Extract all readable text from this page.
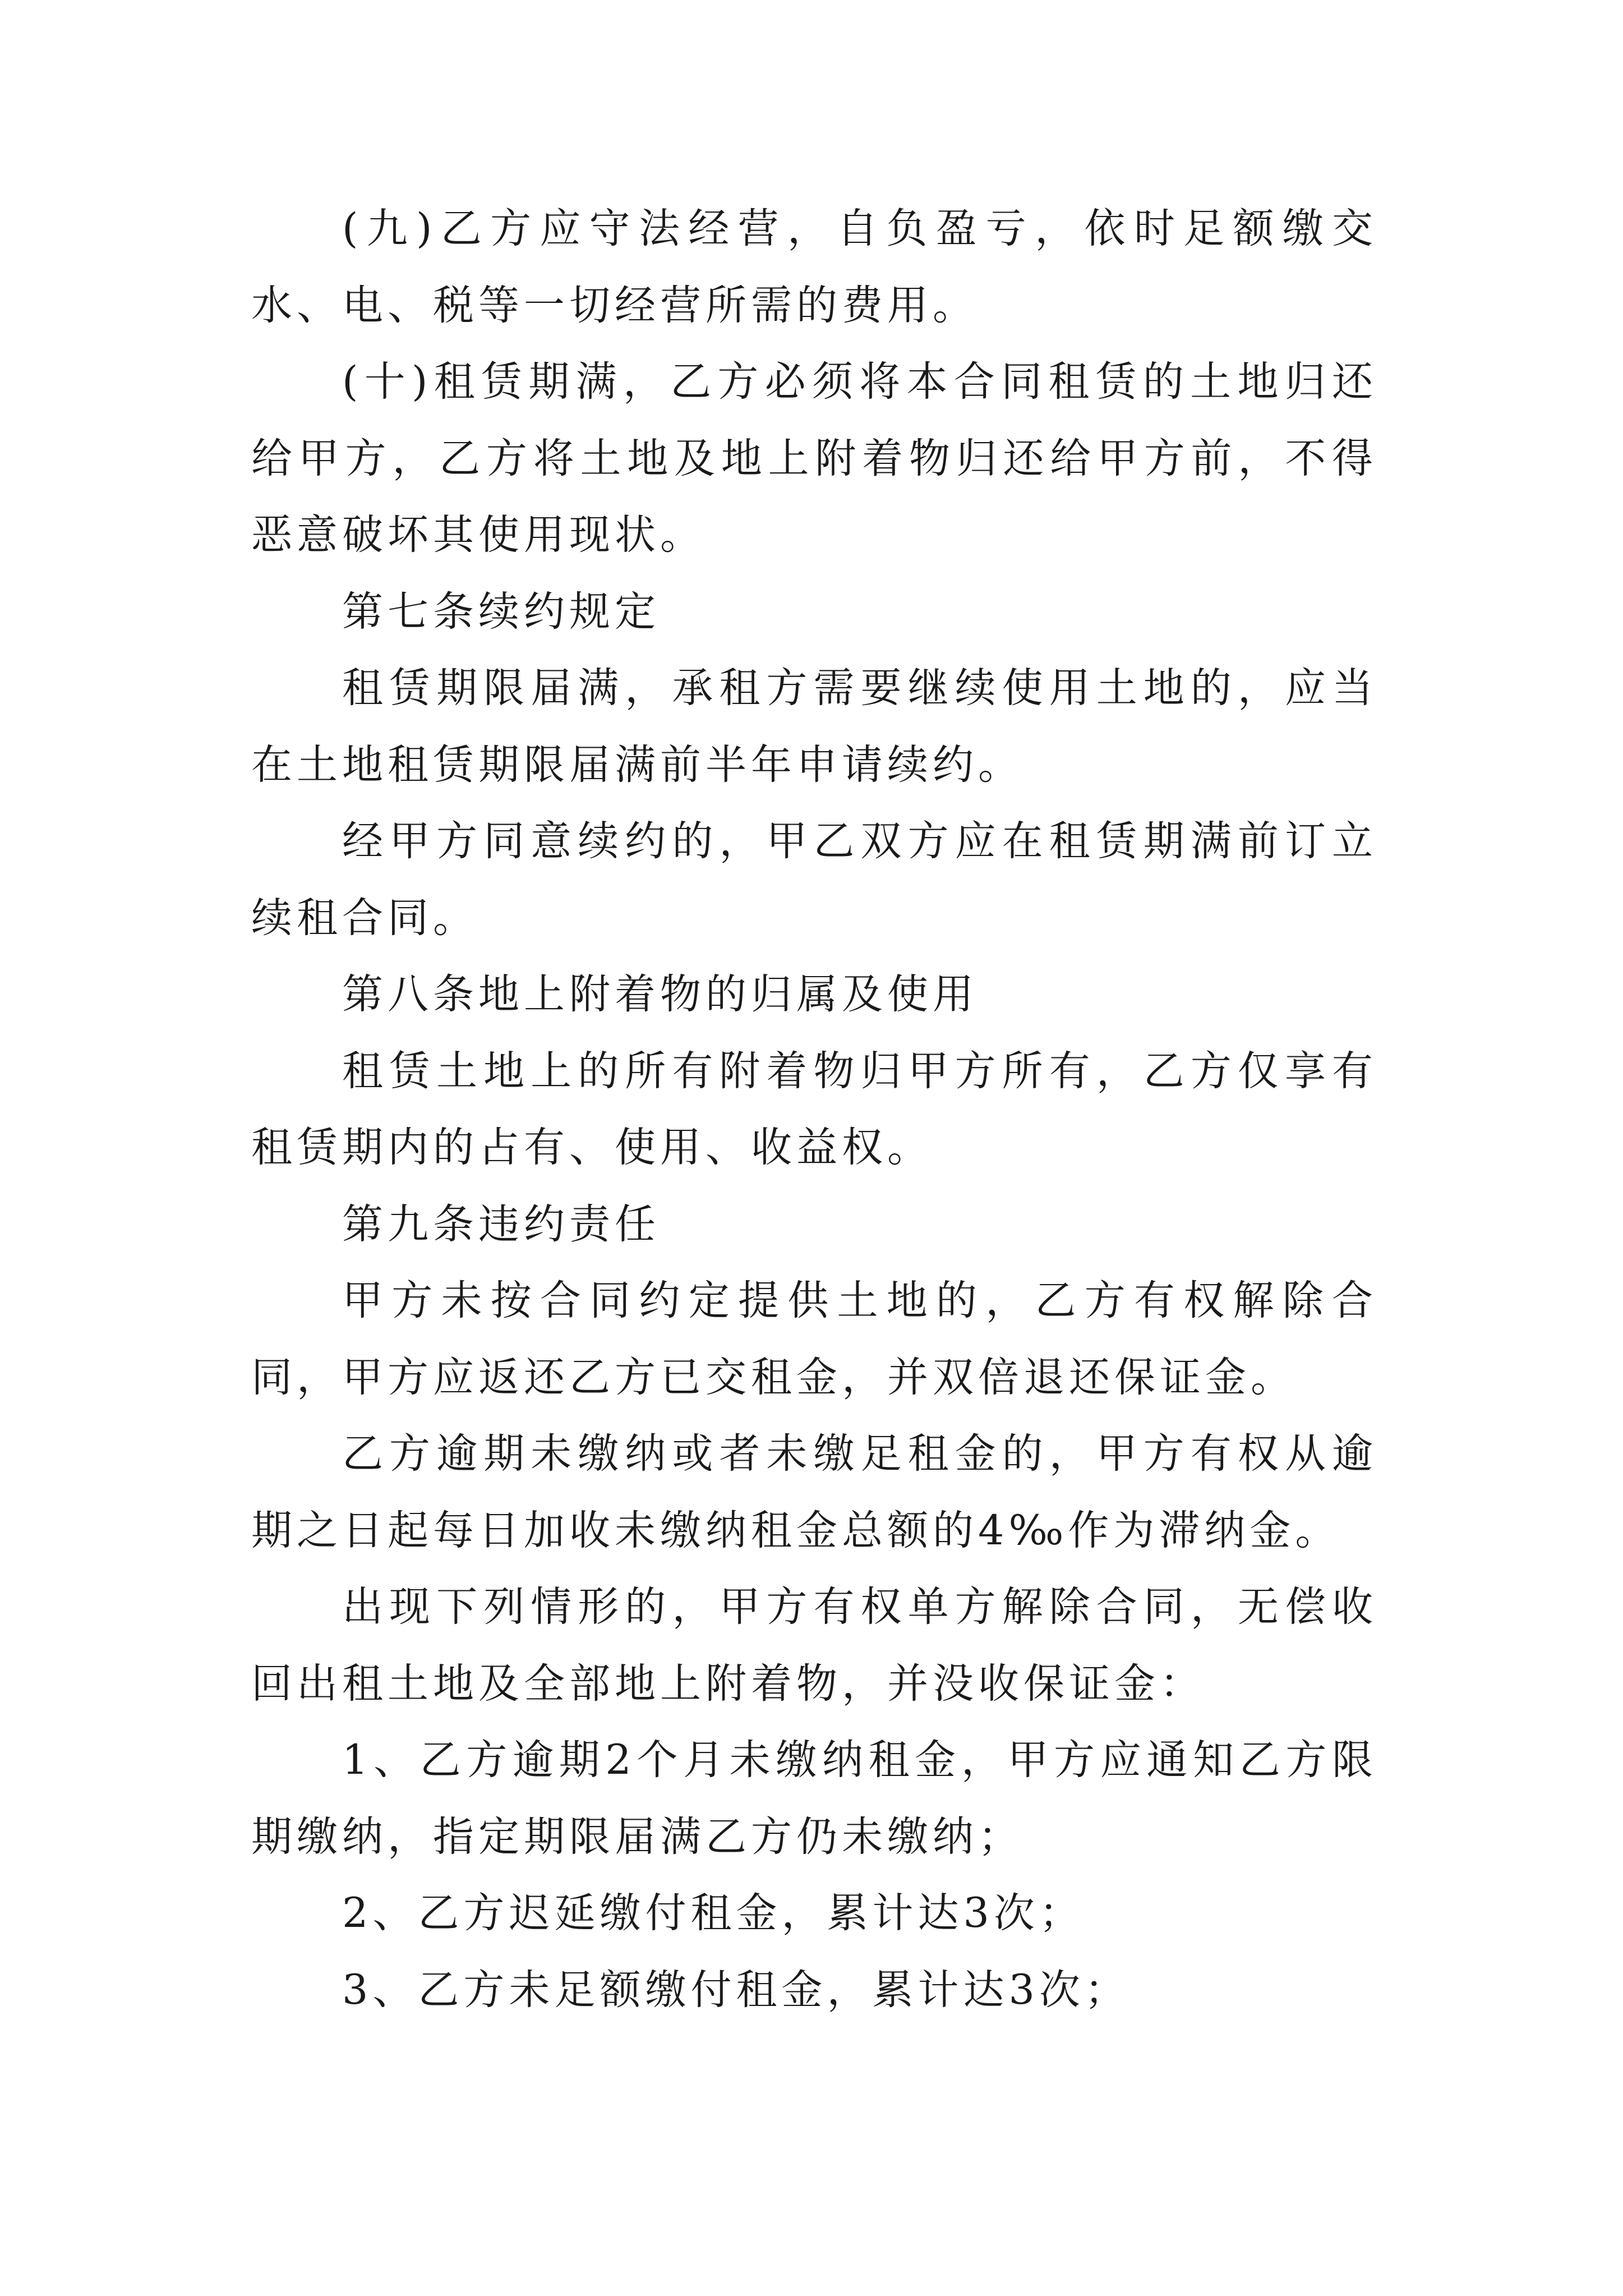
(九)乙方应守法经营，自负盈亏，依时足额缴交水、电、税等一切经营所需的费用。

(十)租赁期满，乙方必须将本合同租赁的土地归还给甲方，乙方将土地及地上附着物归还给甲方前，不得恶意破坏其使用现状。

第七条续约规定

租赁期限届满，承租方需要继续使用土地的，应当在土地租赁期限届满前半年申请续约。

经甲方同意续约的，甲乙双方应在租赁期满前订立续租合同。

第八条地上附着物的归属及使用

租赁土地上的所有附着物归甲方所有，乙方仅享有租赁期内的占有、使用、收益权。

第九条违约责任

甲方未按合同约定提供土地的，乙方有权解除合同，甲方应返还乙方已交租金，并双倍退还保证金。

乙方逾期未缴纳或者未缴足租金的，甲方有权从逾期之日起每日加收未缴纳租金总额的4‰作为滞纳金。

出现下列情形的，甲方有权单方解除合同，无偿收回出租土地及全部地上附着物，并没收保证金：

1、乙方逾期2个月未缴纳租金，甲方应通知乙方限期缴纳，指定期限届满乙方仍未缴纳；

2、乙方迟延缴付租金，累计达3次；

3、乙方未足额缴付租金，累计达3次；
